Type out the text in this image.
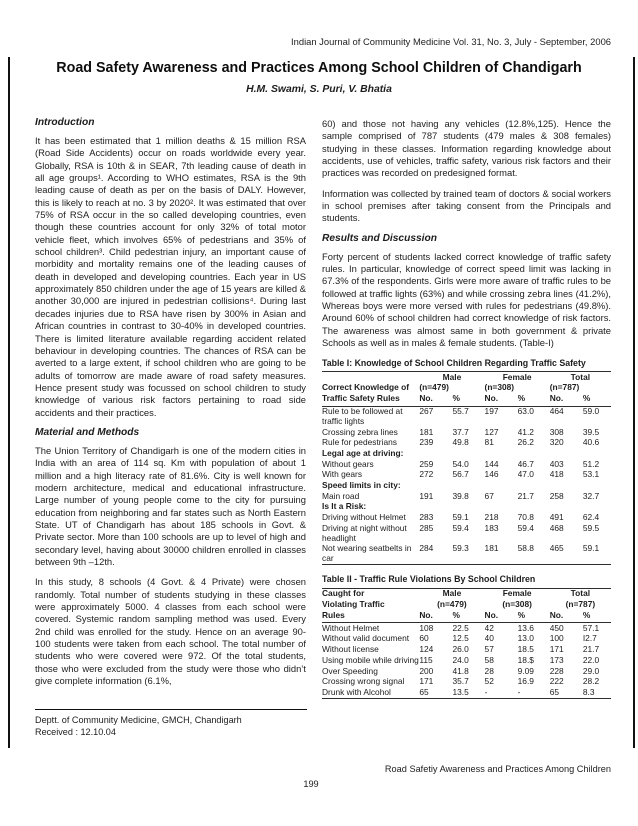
Indian Journal of Community Medicine Vol. 31, No. 3, July - September, 2006
Road Safety Awareness and Practices Among School Children of Chandigarh
H.M. Swami, S. Puri, V. Bhatia
Introduction

It has been estimated that 1 million deaths & 15 million RSA (Road Side Accidents) occur on roads worldwide every year. Globally, RSA is 10th & in SEAR, 7th leading cause of death in all age groups¹. According to WHO estimates, RSA is the 9th leading cause of death as per on the basis of DALY. However, this is likely to reach at no. 3 by 2020². It was estimated that over 75% of RSA occur in the so called developing countries, even though these countries account for only 32% of total motor vehicle fleet, which involves 65% of pedestrians and 35% of school children³. Child pedestrian injury, an important cause of morbidity and mortality remains one of the leading causes of death in developed and developing countries. Each year in US approximately 850 children under the age of 15 years are killed & another 30,000 are injured in pedestrian collisions⁴. During last decades injuries due to RSA have risen by 300% in Asian and African countries in contrast to 30-40% in developed countries. There is limited literature available regarding accident related behaviour in developing countries. The chances of RSA can be averted to a large extent, if school children who are going to be adults of tomorrow are made aware of road safety measures. Hence present study was focussed on school children to study knowledge of various risk factors pertaining to road side accidents and their practices.

Material and Methods

The Union Territory of Chandigarh is one of the modern cities in India with an area of 114 sq. Km with population of about 1 million and a high literacy rate of 81.6%. City is well known for modern architecture, medical and educational infrastructure. Large number of young people come to the city for pursuing education from neighboring and far states such as North Eastern State. UT of Chandigarh has about 185 schools in Govt. & Private sector. More than 100 schools are up to level of high and secondary level, having about 30000 children enrolled in classes between 9th –12th.

In this study, 8 schools (4 Govt. & 4 Private) were chosen randomly. Total number of students studying in these classes were approximately 5000. 4 classes from each school were covered. Systemic random sampling method was used. Every 2nd child was enrolled for the study. Hence on an average 90-100 students were taken from each school. The total number of students who were covered were 972. Of the total students, those who were excluded from the study were those who didn’t give complete information (6.1%,

60) and those not having any vehicles (12.8%,125). Hence the sample comprised of 787 students (479 males & 308 females) studying in these classes. Information regarding knowledge about accidents, use of vehicles, traffic safety, various risk factors and their practices was recorded on predesigned format.

Information was collected by trained team of doctors & social workers in school premises after taking consent from the Principals and students.

Results and Discussion

Forty percent of students lacked correct knowledge of traffic safety rules. In particular, knowledge of correct speed limit was lacking in 67.3% of the respondents. Girls were more aware of traffic rules to be followed at traffic lights (63%) and while crossing zebra lines (41.2%), Whereas boys were more versed with rules for pedestrians (49.8%). Around 60% of school children had correct knowledge of risk factors. The awareness was almost same in both government & private Schools as well as in males & female students. (Table-I)

Table I: Knowledge of School Children Regarding Traffic Safety
	Male		Female		Total	
Correct Knowledge of	(n=479)		(n=308)		(n=787)	
Traffic Safety Rules	No.	%	No.	%	No.	%
Rule to be followed at traffic lights	267	55.7	197	63.0	464	59.0
Crossing zebra lines	181	37.7	127	41.2	308	39.5
Rule for pedestrians	239	49.8	81	26.2	320	40.6
Legal age at driving:						
Without gears	259	54.0	144	46.7	403	51.2
With gears	272	56.7	146	47.0	418	53.1
Speed limits in city:						
Main road	191	39.8	67	21.7	258	32.7
Is It a Risk:						
Driving without Helmet	283	59.1	218	70.8	491	62.4
Driving at night without headlight	285	59.4	183	59.4	468	59.5
Not wearing seatbelts in car	284	59.3	181	58.8	465	59.1
Table II - Traffic Rule Violations By School Children
Caught for	Male		Female		Total	
Violating Traffic	(n=479)		(n=308)		(n=787)	
Rules	No.	%	No.	%	No.	%
Without Helmet	108	22.5	42	13.6	450	57.1
Without valid document	60	12.5	40	13.0	100	I2.7
Without license	124	26.0	57	18.5	171	21.7
Using mobile while driving	115	24.0	58	18.$	173	22.0
Over Speeding	200	41.8	28	9.09	228	29.0
Crossing wrong signal	171	35.7	52	16.9	222	28.2
Drunk with Alcohol	65	13.5	-	-	65	8.3
Deptt. of Community Medicine, GMCH, Chandigarh
Received : 12.10.04
Road Safetiy Awareness and Practices Among Children
199
